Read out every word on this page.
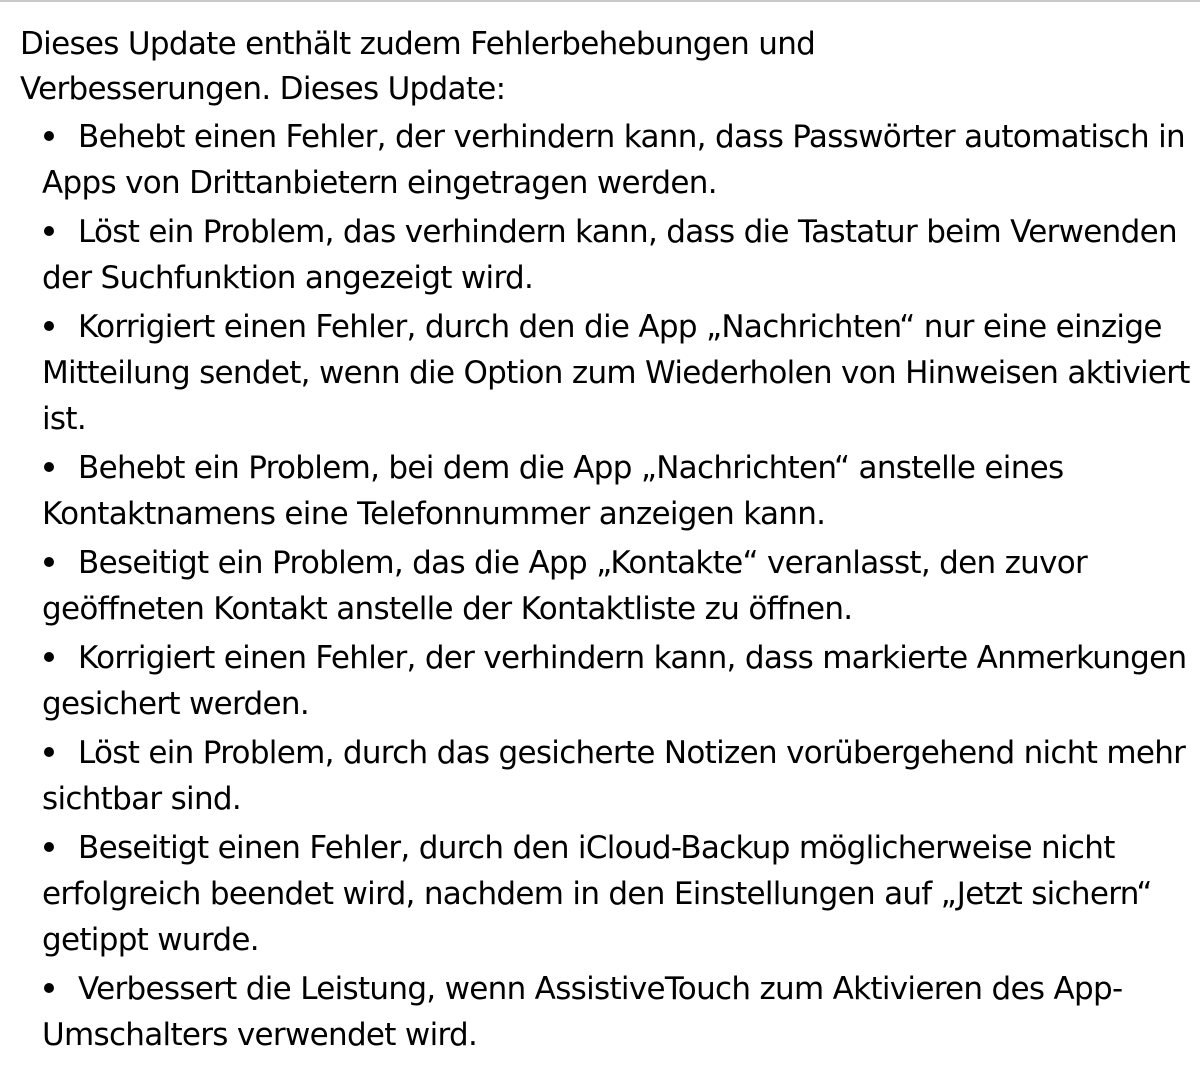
Dieses Update enthält zudem Fehlerbehebungen und Verbesserungen. Dieses Update:

Behebt einen Fehler, der verhindern kann, dass Passwörter automatisch in Apps von Drittanbietern eingetragen werden.
Löst ein Problem, das verhindern kann, dass die Tastatur beim Verwenden der Suchfunktion angezeigt wird.
Korrigiert einen Fehler, durch den die App „Nachrichten“ nur eine einzige Mitteilung sendet, wenn die Option zum Wiederholen von Hinweisen aktiviert ist.
Behebt ein Problem, bei dem die App „Nachrichten“ anstelle eines Kontaktnamens eine Telefonnummer anzeigen kann.
Beseitigt ein Problem, das die App „Kontakte“ veranlasst, den zuvor geöffneten Kontakt anstelle der Kontaktliste zu öffnen.
Korrigiert einen Fehler, der verhindern kann, dass markierte Anmerkungen gesichert werden.
Löst ein Problem, durch das gesicherte Notizen vorübergehend nicht mehr sichtbar sind.
Beseitigt einen Fehler, durch den iCloud-Backup möglicherweise nicht erfolgreich beendet wird, nachdem in den Einstellungen auf „Jetzt sichern“ getippt wurde.
Verbessert die Leistung, wenn AssistiveTouch zum Aktivieren des App-Umschalters verwendet wird.
